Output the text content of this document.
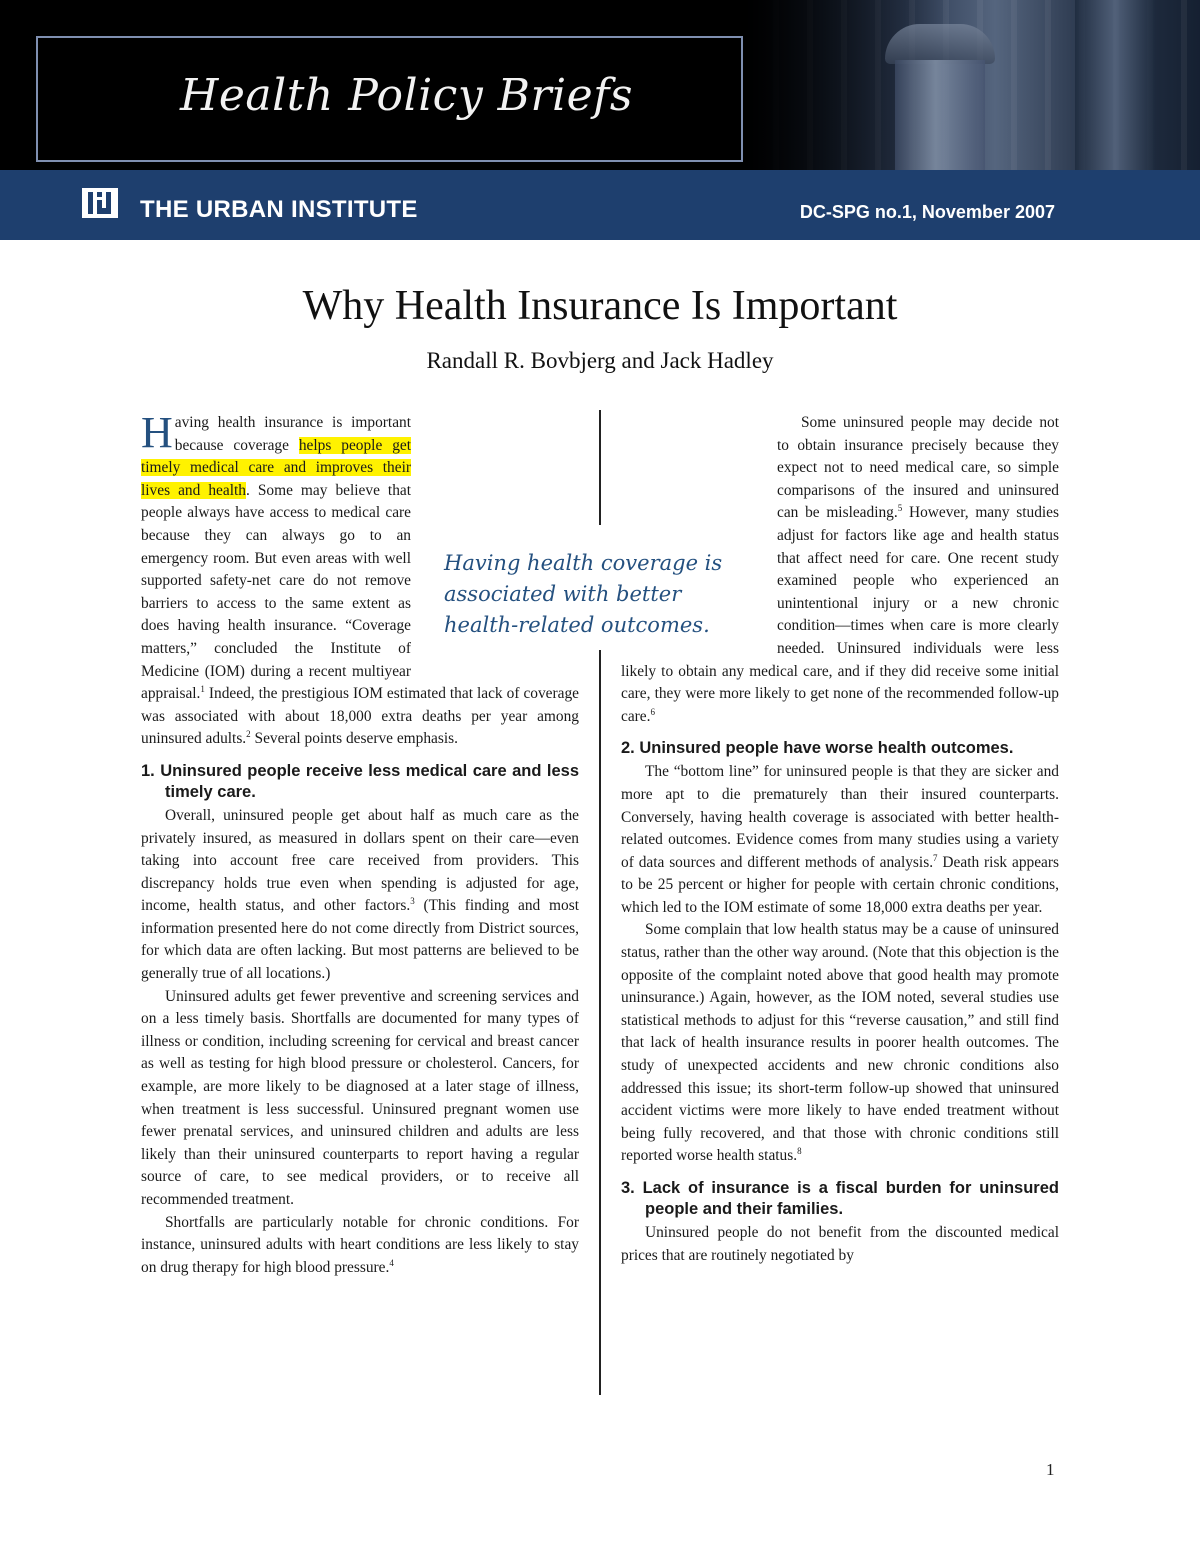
Health Policy Briefs
THE URBAN INSTITUTE	DC-SPG no.1, November 2007
Why Health Insurance Is Important
Randall R. Bovbjerg and Jack Hadley

Having health insurance is important because coverage helps people get timely medical care and improves their lives and health. Some may believe that people always have access to medical care because they can always go to an emergency room. But even areas with well supported safety-net care do not remove barriers to access to the same extent as does having health insurance. “Coverage matters,” concluded the Institute of Medicine (IOM) during a recent multiyear appraisal.$^1$ Indeed, the prestigious IOM estimated that lack of coverage was associated with about 18,000 extra deaths per year among uninsured adults.$^2$ Several points deserve emphasis.

1. Uninsured people receive less medical care and less timely care.

Overall, uninsured people get about half as much care as the privately insured, as measured in dollars spent on their care—even taking into account free care received from providers. This discrepancy holds true even when spending is adjusted for age, income, health status, and other factors.$^3$ (This finding and most information presented here do not come directly from District sources, for which data are often lacking. But most patterns are believed to be generally true of all locations.)

Uninsured adults get fewer preventive and screening services and on a less timely basis. Shortfalls are documented for many types of illness or condition, including screening for cervical and breast cancer as well as testing for high blood pressure or cholesterol. Cancers, for example, are more likely to be diagnosed at a later stage of illness, when treatment is less successful. Uninsured pregnant women use fewer prenatal services, and uninsured children and adults are less likely than their uninsured counterparts to report having a regular source of care, to see medical providers, or to receive all recommended treatment.

Shortfalls are particularly notable for chronic conditions. For instance, uninsured adults with heart conditions are less likely to stay on drug therapy for high blood pressure.$^4$

Having health coverage is associated with better health-related outcomes.

Some uninsured people may decide not to obtain insurance precisely because they expect not to need medical care, so simple comparisons of the insured and uninsured can be misleading.$^5$ However, many studies adjust for factors like age and health status that affect need for care. One recent study examined people who experienced an unintentional injury or a new chronic condition—times when care is more clearly needed. Uninsured individuals were less likely to obtain any medical care, and if they did receive some initial care, they were more likely to get none of the recommended follow-up care.$^6$

2. Uninsured people have worse health outcomes.

The “bottom line” for uninsured people is that they are sicker and more apt to die prematurely than their insured counterparts. Conversely, having health coverage is associated with better health-related outcomes. Evidence comes from many studies using a variety of data sources and different methods of analysis.$^7$ Death risk appears to be 25 percent or higher for people with certain chronic conditions, which led to the IOM estimate of some 18,000 extra deaths per year.

Some complain that low health status may be a cause of uninsured status, rather than the other way around. (Note that this objection is the opposite of the complaint noted above that good health may promote uninsurance.) Again, however, as the IOM noted, several studies use statistical methods to adjust for this “reverse causation,” and still find that lack of health insurance results in poorer health outcomes. The study of unexpected accidents and new chronic conditions also addressed this issue; its short-term follow-up showed that uninsured accident victims were more likely to have ended treatment without being fully recovered, and that those with chronic conditions still reported worse health status.$^8$

3. Lack of insurance is a fiscal burden for uninsured people and their families.

Uninsured people do not benefit from the discounted medical prices that are routinely negotiated by

1
